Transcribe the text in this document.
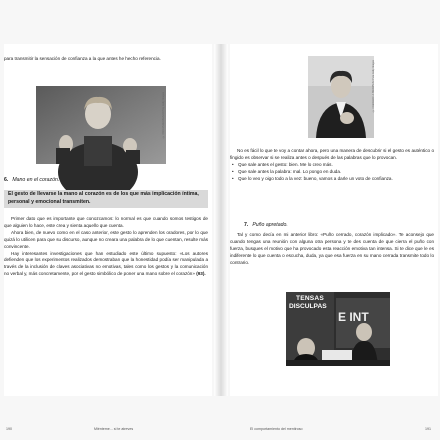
para transmitir la sensación de confianza a la que antes he hecho referencia.

© ODD ANDERSEN/AFP by Getty Images
6. Mano en el corazón.
El gesto de llevarse la mano al corazón es de los que más implicación íntima, personal y emocional transmiten.

Primer dato que es importante que conozcamos: lo normal es que cuando somos testigos de que alguien lo hace, este crea y sienta aquello que cuenta.

Ahora bien, de nuevo como en el caso anterior, este gesto lo aprenden los oradores, por lo que quizá lo utilicen para que su discurso, aunque no creara una palabra de lo que cuentan, resulte más convincente.

Hay interesantes investigaciones que han estudiado este último supuesto: «Los autores defienden que los experimentos realizados demostraban que la honestidad podía ser manipulada a través de la inclusión de claves asociativas no emotivas, tales como los gestos y la comunicación no verbal y, más concretamente, por el gesto simbólico de poner una mano sobre el corazón» (93).

190	Miénteme... si te atreves
© FREDERIC J. BROWN/AFP via Getty Images

No es fácil lo que te voy a contar ahora, pero una manera de descubrir si el gesto es auténtico o fingido es observar si se realiza antes o después de las palabras que lo provocan.

• Que sale antes el gesto: bien. Me lo creo más.
• Que sale antes la palabra: mal. Lo pongo en duda.
• Que lo veo y oigo todo a la vez: bueno, vamos a darle un voto de confianza.
7. Puño apretado.

Tal y como decía en mi anterior libro: «Puño cerrado, corazón implicado». Te aconsejo que cuando tengas una reunión con alguna otra persona y te des cuenta de que cierra el puño con fuerza, busques el motivo que ha provocado esta reacción emotiva tan intensa. Si te dice que le es indiferente lo que cuenta o escucha, duda, ya que esa fuerza en su mano cerrada transmite todo lo contrario.

TENSAS
DISCULPAS
E INT
El comportamiento del mentiroso	191
